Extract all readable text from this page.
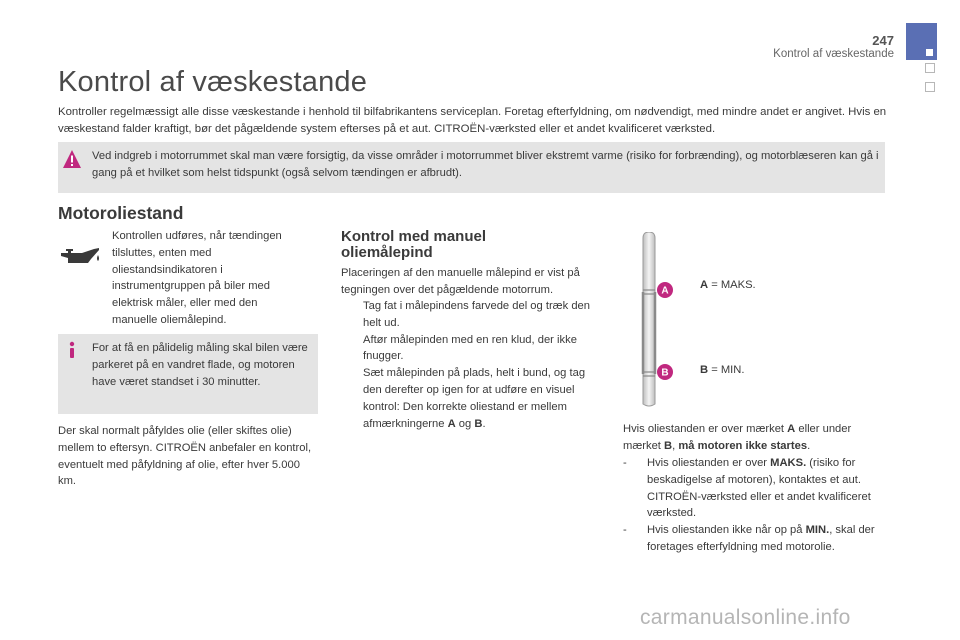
247
Kontrol af væskestande
Kontrol af væskestande

Kontroller regelmæssigt alle disse væskestande i henhold til bilfabrikantens serviceplan. Foretag efterfyldning, om nødvendigt, med mindre andet er angivet. Hvis en væskestand falder kraftigt, bør det pågældende system efterses på et aut. CITROËN-værksted eller et andet kvalificeret værksted.

Ved indgreb i motorrummet skal man være forsigtig, da visse områder i motorrummet bliver ekstremt varme (risiko for forbrænding), og motorblæseren kan gå i gang på et hvilket som helst tidspunkt (også selvom tændingen er afbrudt).

Motoroliestand

Kontrollen udføres, når tændingen tilsluttes, enten med oliestandsindikatoren i instrumentgruppen på biler med elektrisk måler, eller med den manuelle oliemålepind.

For at få en pålidelig måling skal bilen være parkeret på en vandret flade, og motoren have været standset i 30 minutter.

Der skal normalt påfyldes olie (eller skiftes olie) mellem to eftersyn. CITROËN anbefaler en kontrol, eventuelt med påfyldning af olie, efter hver 5.000 km.

Kontrol med manuel oliemålepind

Placeringen af den manuelle målepind er vist på tegningen over det pågældende motorrum.

Tag fat i målepindens farvede del og træk den helt ud.
Aftør målepinden med en ren klud, der ikke fnugger.
Sæt målepinden på plads, helt i bund, og tag den derefter op igen for at udføre en visuel kontrol: Den korrekte oliestand er mellem afmærkningerne A og B.
A
B
A = MAKS.
B = MIN.

Hvis oliestanden er over mærket A eller under mærket B, må motoren ikke startes.

- Hvis oliestanden er over MAKS. (risiko for beskadigelse af motoren), kontaktes et aut. CITROËN-værksted eller et andet kvalificeret værksted.
- Hvis oliestanden ikke når op på MIN., skal der foretages efterfyldning med motorolie.
carmanualsonline.info
